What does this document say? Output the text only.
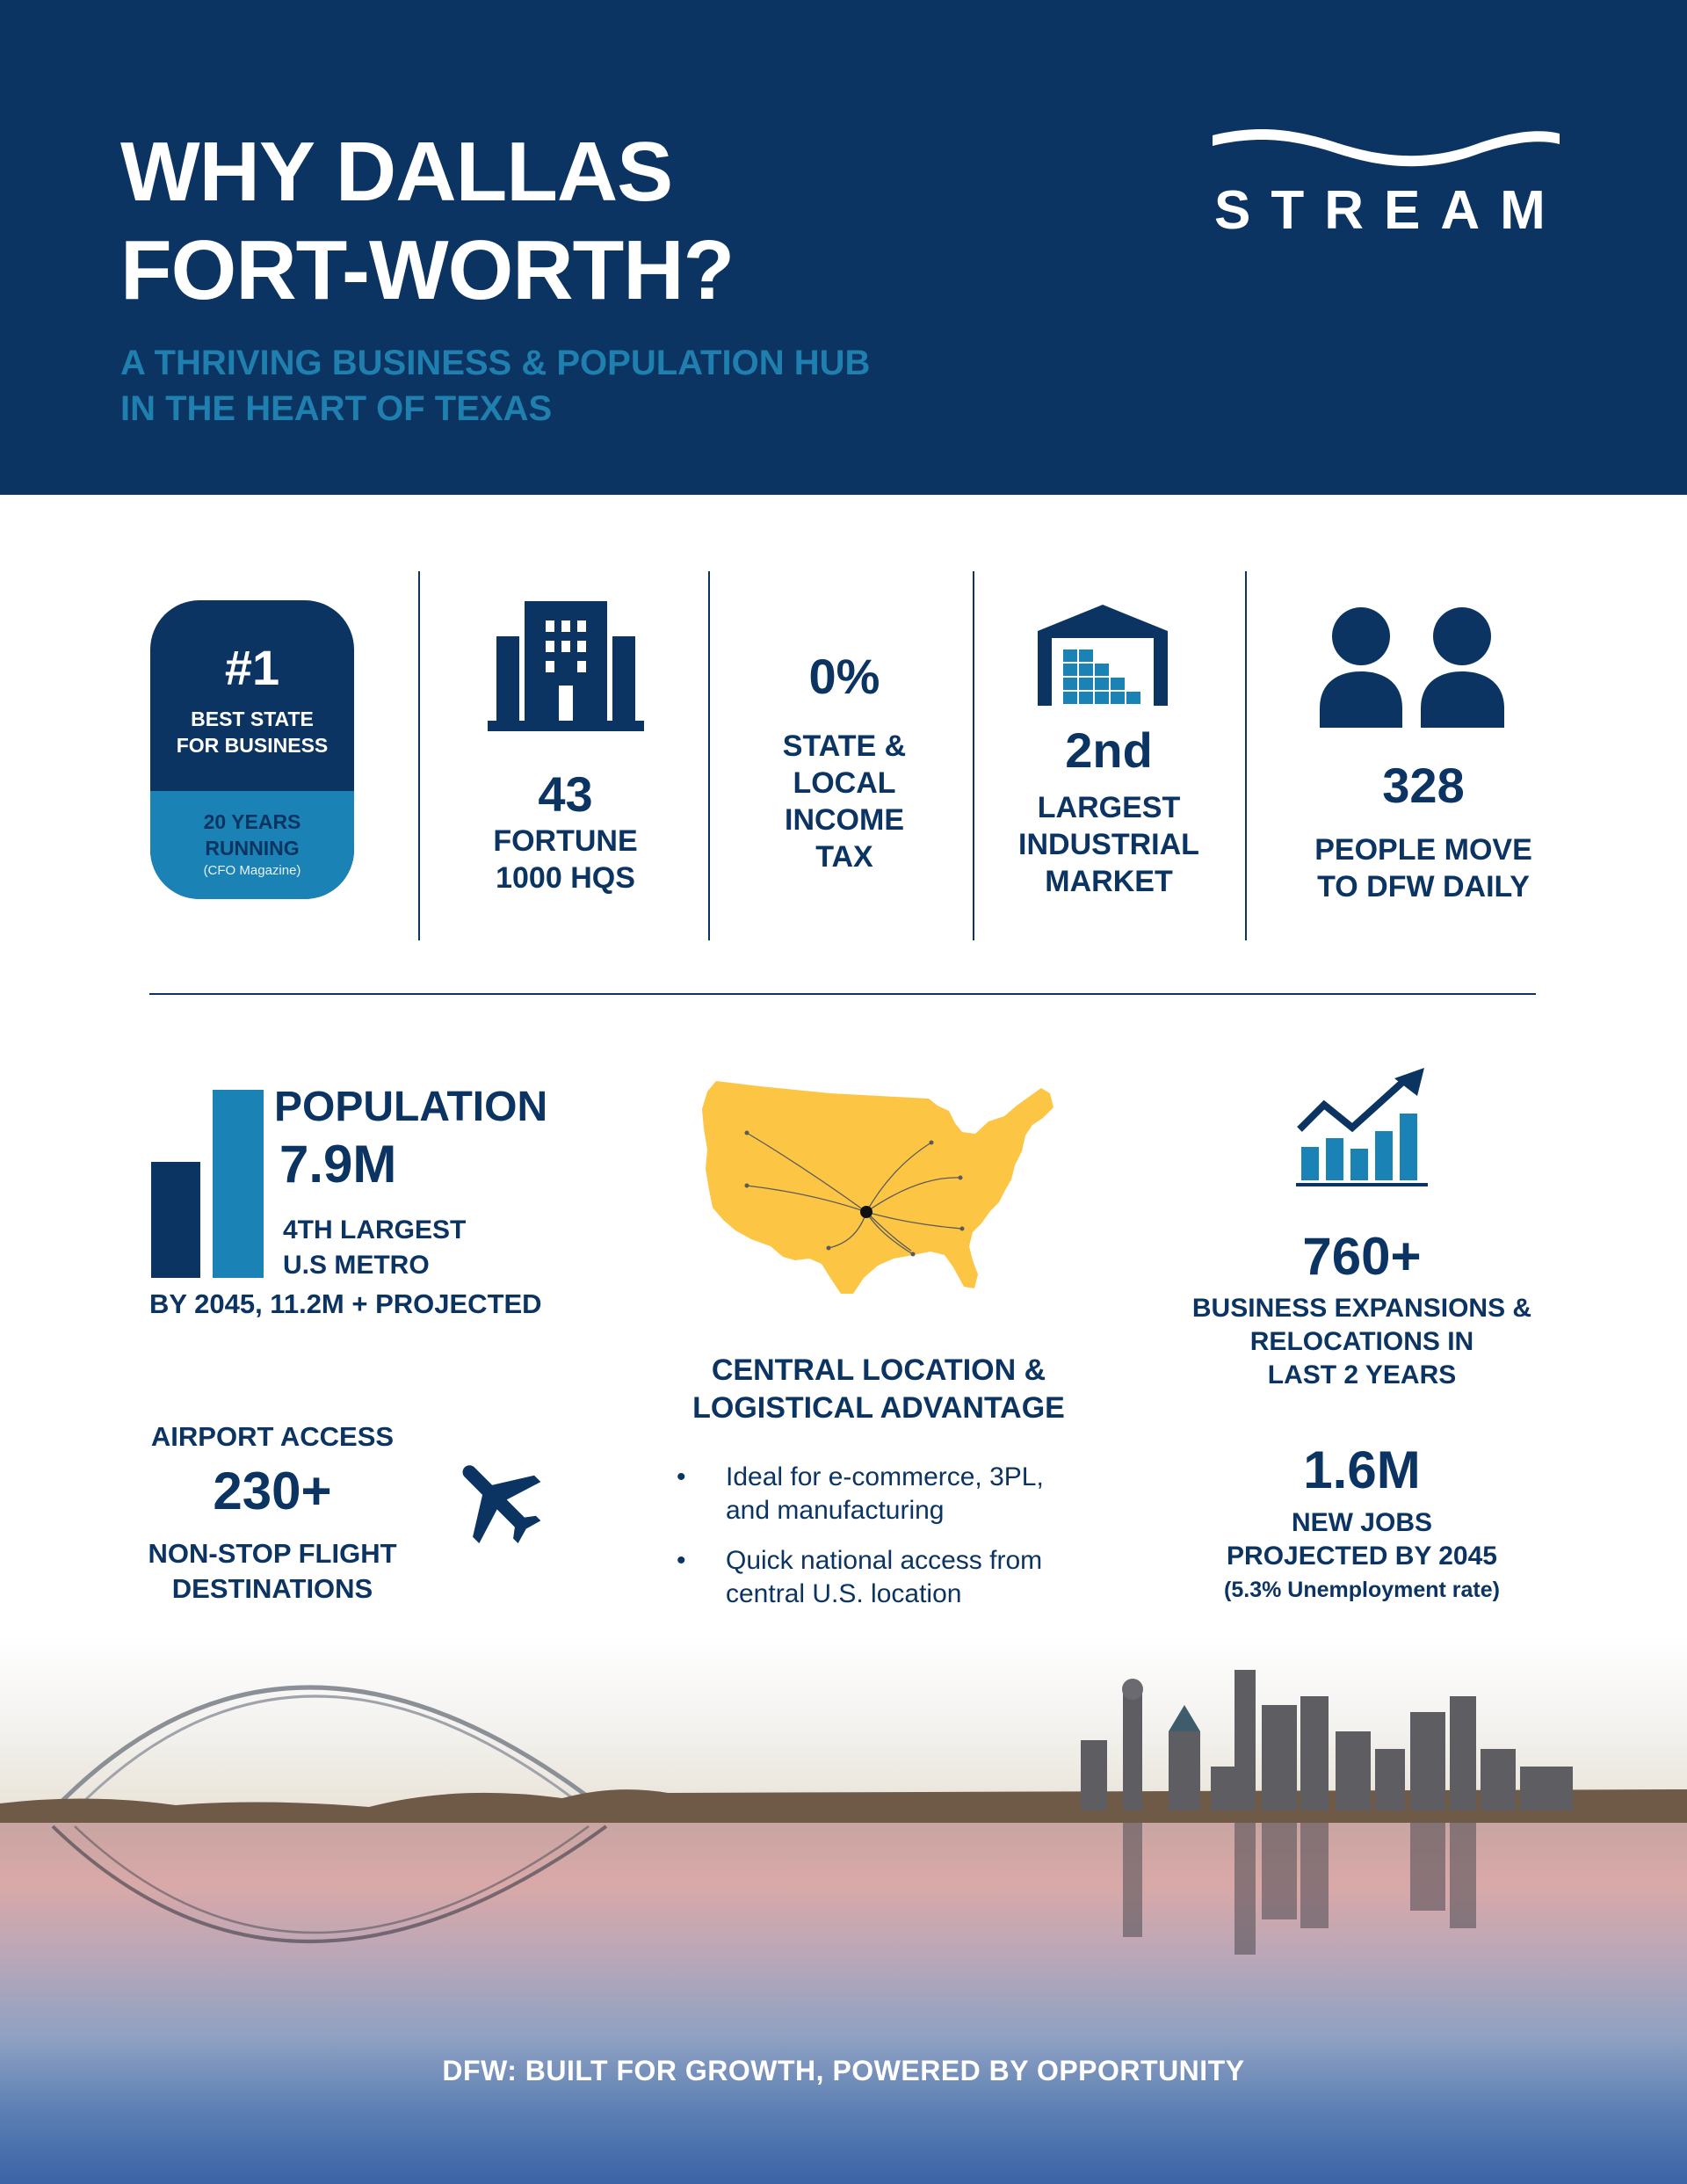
WHY DALLAS
FORT-WORTH?
A THRIVING BUSINESS & POPULATION HUB
IN THE HEART OF TEXAS
STREAM
#1
BEST STATE
FOR BUSINESS
20 YEARS
RUNNING
(CFO Magazine)
43
FORTUNE
1000 HQS
0%
STATE &
LOCAL
INCOME
TAX
2nd
LARGEST
INDUSTRIAL
MARKET
328
PEOPLE MOVE
TO DFW DAILY
POPULATION
7.9M
4TH LARGEST
U.S METRO
BY 2045, 11.2M + PROJECTED
AIRPORT ACCESS
230+
NON-STOP FLIGHT
DESTINATIONS
CENTRAL LOCATION &
LOGISTICAL ADVANTAGE
• Ideal for e-commerce, 3PL,
and manufacturing
• Quick national access from
central U.S. location
760+
BUSINESS EXPANSIONS &
RELOCATIONS IN
LAST 2 YEARS
1.6M
NEW JOBS
PROJECTED BY 2045
(5.3% Unemployment rate)
DFW: BUILT FOR GROWTH, POWERED BY OPPORTUNITY
